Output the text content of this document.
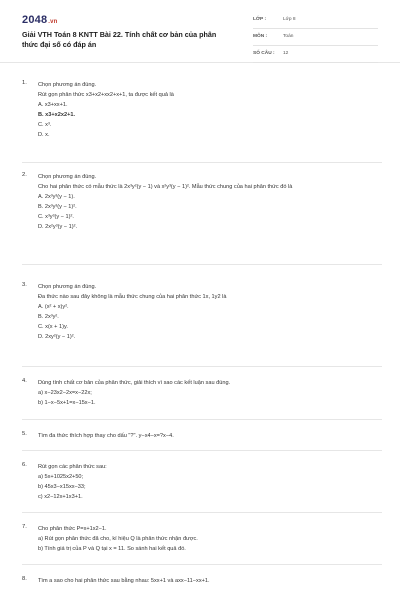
2048.vn
Giải VTH Toán 8 KNTT Bài 22. Tính chất cơ bản của phân thức đại số có đáp án
LỚP :	Lớp 8
MÔN :	Toán
SỐ CÂU : 12
1. Chọn phương án đúng.
Rút gọn phân thức x3+x2+xx2+x+1, ta được kết quả là
A. x3+xx+1.
B. x3+x2x2+1.
C. x³.
D. x.
2. Chọn phương án đúng.
Cho hai phân thức có mẫu thức là 2x³y²(y − 1) và x²y³(y − 1)². Mẫu thức chung của hai phân thức đó là
A. 2x³y³(y − 1).
B. 2x³y³(y − 1)².
C. x³y³(y − 1)².
D. 2x²y³(y − 1)².
3. Chọn phương án đúng.
Đa thức nào sau đây không là mẫu thức chung của hai phân thức 1x, 1y2 là
A. (x² + x)y².
B. 2x³y².
C. x(x + 1)y.
D. 2xy²(y − 1)².
4. Dùng tính chất cơ bản của phân thức, giải thích vì sao các kết luận sau đúng.
a) x−23x2−2x=x−22x;
b) 1−x−5x+1=x−15x−1.
5. Tìm đa thức thích hợp thay cho dấu "?". y−x4−x=?x−4.
6. Rút gọn các phân thức sau:
a) 5x+1025x2+50;
b) 45x3−x15xx−33;
c) x2−12x+1x3+1.
7. Cho phân thức P=x+1x2−1.
a) Rút gọn phân thức đã cho, kí hiệu Q là phân thức nhận được.
b) Tính giá trị của P và Q tại x = 11. So sánh hai kết quả đó.
8. Tìm a sao cho hai phân thức sau bằng nhau: 5xx+1 và axx−11−xx+1.
